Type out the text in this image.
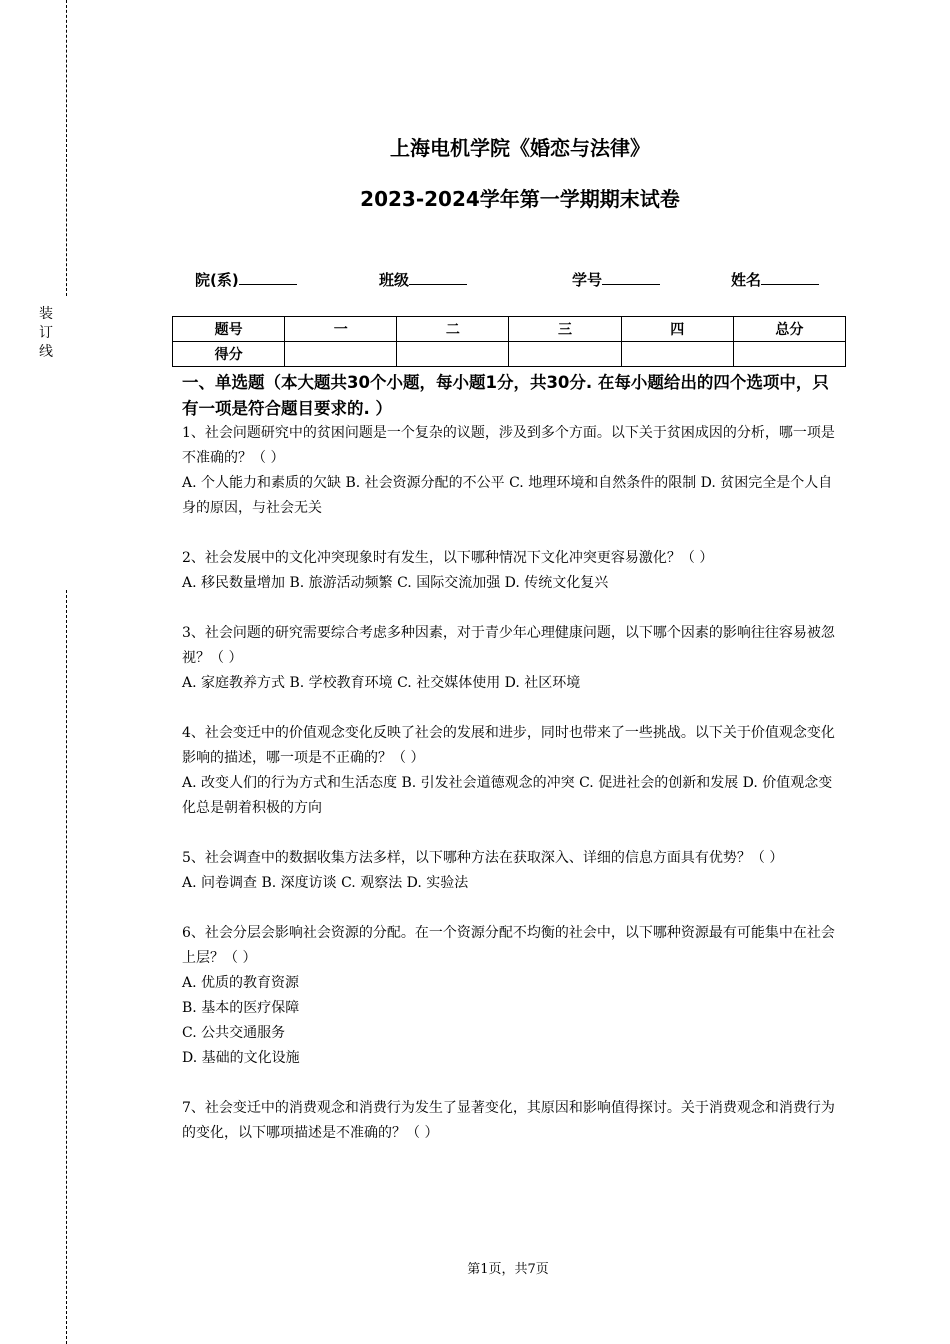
装
订
线
上海电机学院《婚恋与法律》
2023-2024学年第一学期期末试卷
院(系)	班级	学号	姓名
题号	一	二	三	四	总分
得分					
一、单选题（本大题共30个小题，每小题1分，共30分. 在每小题给出的四个选项中，只有一项是符合题目要求的. ）

1、社会问题研究中的贫困问题是一个复杂的议题，涉及到多个方面。以下关于贫困成因的分析，哪一项是不准确的？（ ）

A. 个人能力和素质的欠缺 B. 社会资源分配的不公平 C. 地理环境和自然条件的限制 D. 贫困完全是个人自身的原因，与社会无关

2、社会发展中的文化冲突现象时有发生，以下哪种情况下文化冲突更容易激化？（ ）

A. 移民数量增加 B. 旅游活动频繁 C. 国际交流加强 D. 传统文化复兴

3、社会问题的研究需要综合考虑多种因素，对于青少年心理健康问题，以下哪个因素的影响往往容易被忽视？（ ）

A. 家庭教养方式 B. 学校教育环境 C. 社交媒体使用 D. 社区环境

4、社会变迁中的价值观念变化反映了社会的发展和进步，同时也带来了一些挑战。以下关于价值观念变化影响的描述，哪一项是不正确的？（ ）

A. 改变人们的行为方式和生活态度 B. 引发社会道德观念的冲突 C. 促进社会的创新和发展 D. 价值观念变化总是朝着积极的方向

5、社会调查中的数据收集方法多样，以下哪种方法在获取深入、详细的信息方面具有优势？（ ）

A. 问卷调查 B. 深度访谈 C. 观察法 D. 实验法

6、社会分层会影响社会资源的分配。在一个资源分配不均衡的社会中，以下哪种资源最有可能集中在社会上层？（ ）

A. 优质的教育资源

B. 基本的医疗保障

C. 公共交通服务

D. 基础的文化设施

7、社会变迁中的消费观念和消费行为发生了显著变化，其原因和影响值得探讨。关于消费观念和消费行为的变化，以下哪项描述是不准确的？（ ）

第1页，共7页
